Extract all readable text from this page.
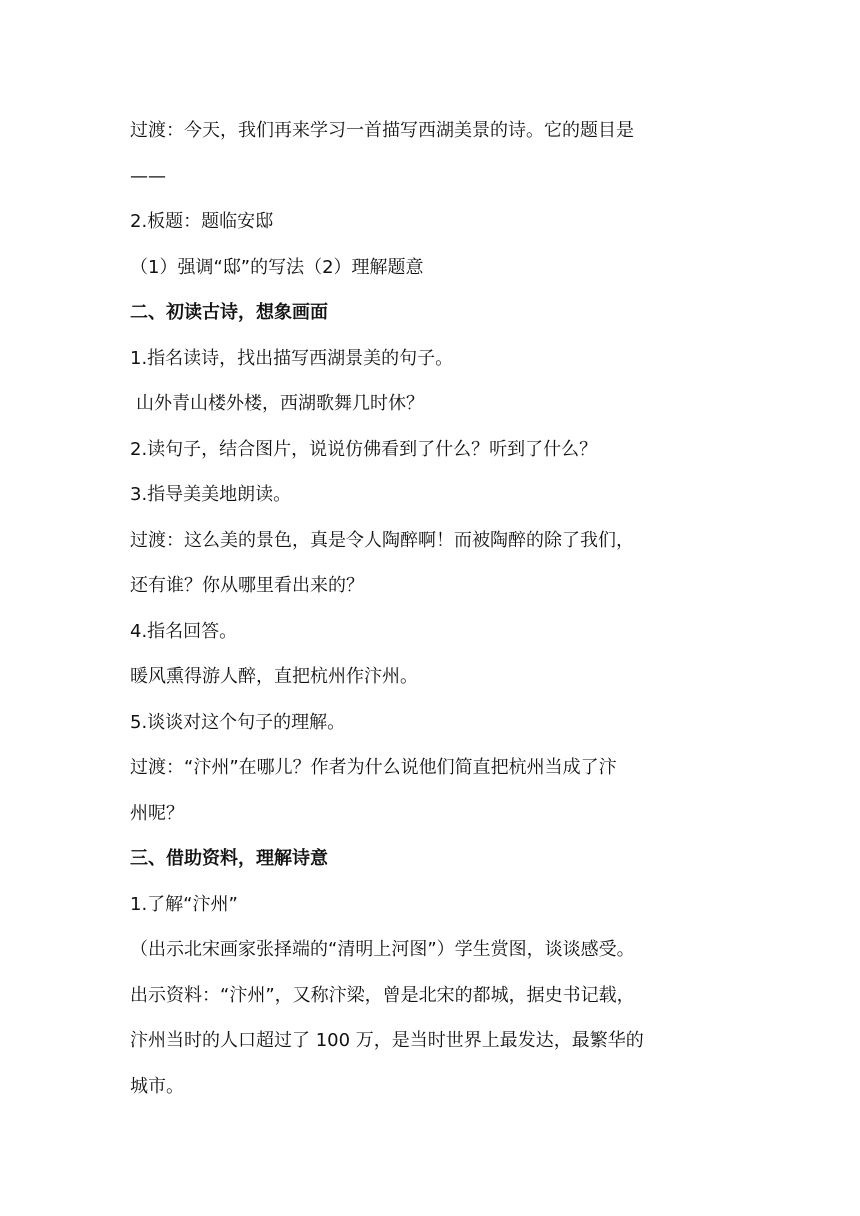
过渡：今天，我们再来学习一首描写西湖美景的诗。它的题目是
——
2.板题：题临安邸
（1）强调“邸”的写法（2）理解题意
二、初读古诗，想象画面
1.指名读诗，找出描写西湖景美的句子。
山外青山楼外楼，西湖歌舞几时休？
2.读句子，结合图片，说说仿佛看到了什么？听到了什么？
3.指导美美地朗读。
过渡：这么美的景色，真是令人陶醉啊！而被陶醉的除了我们，
还有谁？你从哪里看出来的？
4.指名回答。
暖风熏得游人醉，直把杭州作汴州。
5.谈谈对这个句子的理解。
过渡：“汴州”在哪儿？作者为什么说他们简直把杭州当成了汴
州呢？
三、借助资料，理解诗意
1.了解“汴州”
（出示北宋画家张择端的“清明上河图”）学生赏图，谈谈感受。
出示资料：“汴州”，又称汴梁，曾是北宋的都城，据史书记载，
汴州当时的人口超过了 100 万，是当时世界上最发达，最繁华的
城市。
